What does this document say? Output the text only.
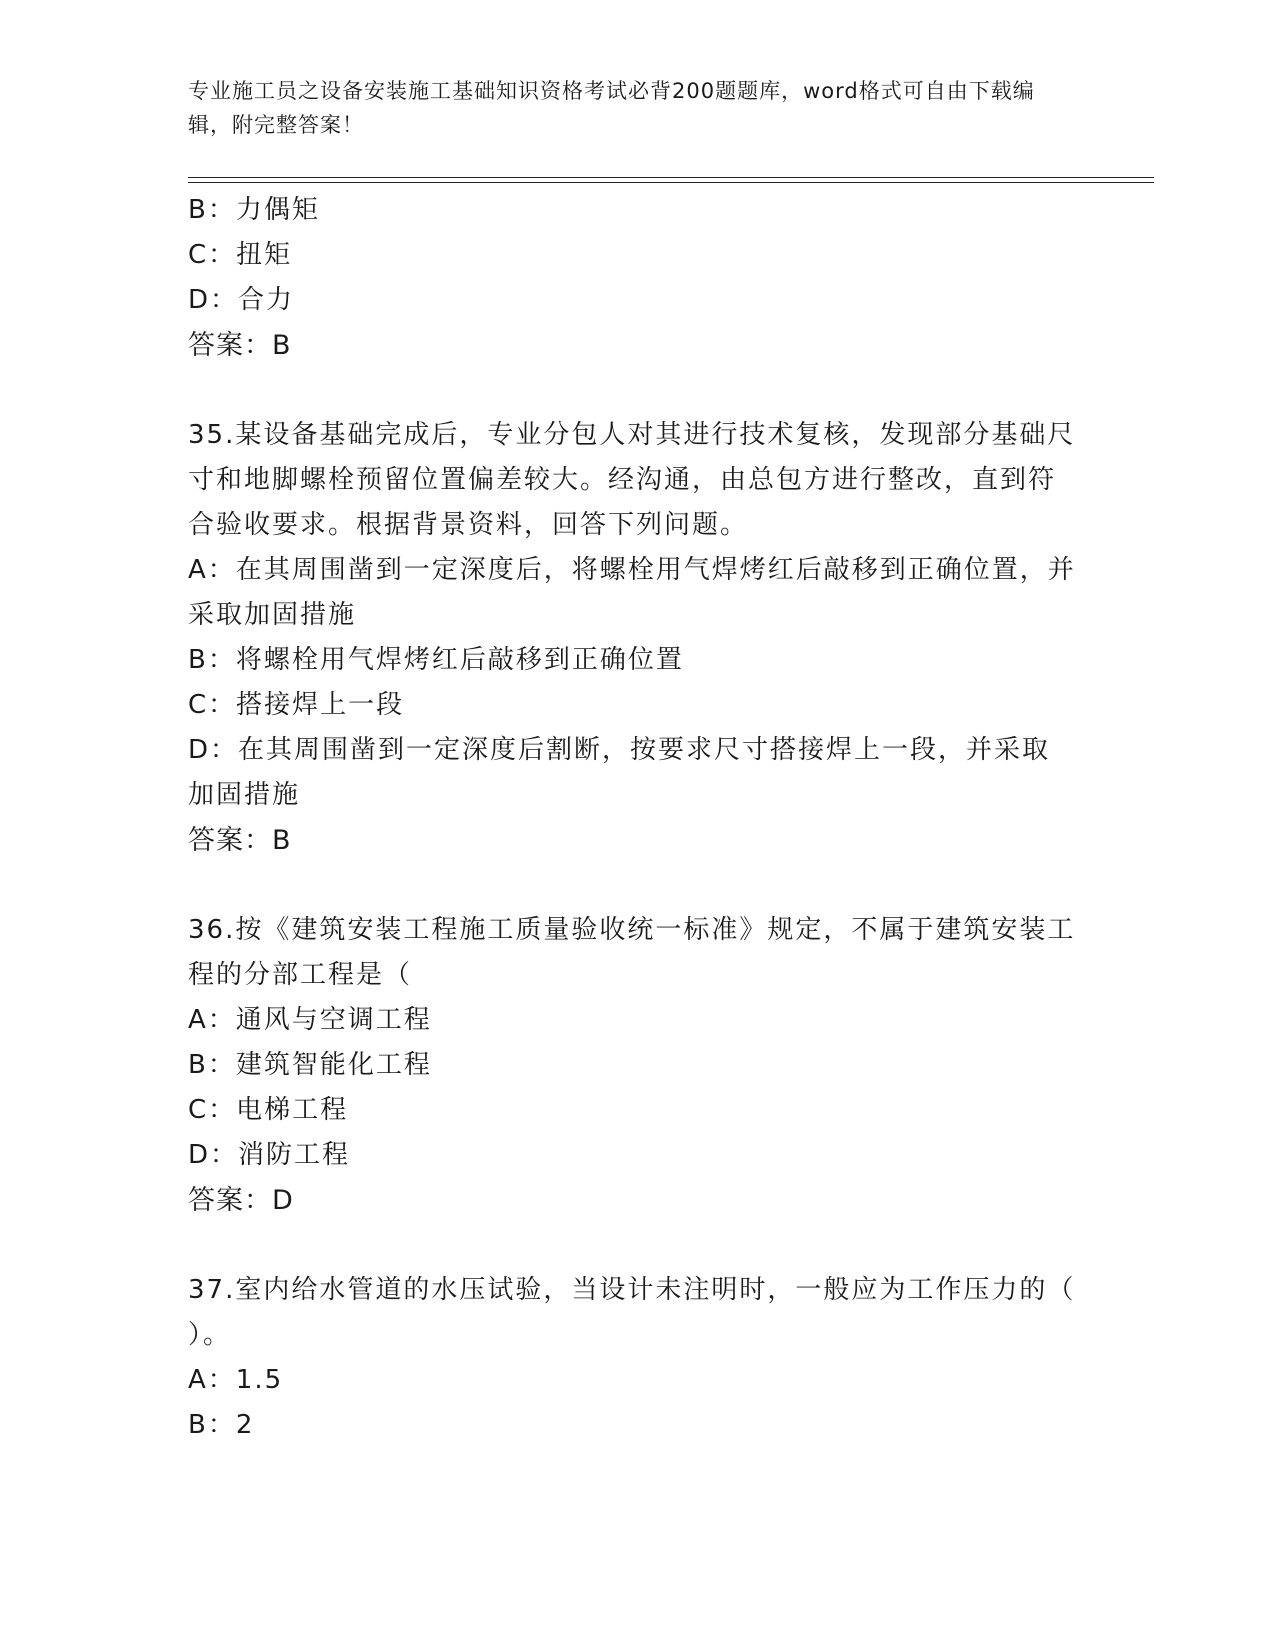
专业施工员之设备安装施工基础知识资格考试必背200题题库，word格式可自由下载编辑，附完整答案！

B：力偶矩

C：扭矩

D：合力

答案：B

35.某设备基础完成后，专业分包人对其进行技术复核，发现部分基础尺寸和地脚螺栓预留位置偏差较大。经沟通，由总包方进行整改，直到符合验收要求。根据背景资料，回答下列问题。

A：在其周围凿到一定深度后，将螺栓用气焊烤红后敲移到正确位置，并采取加固措施

B：将螺栓用气焊烤红后敲移到正确位置

C：搭接焊上一段

D：在其周围凿到一定深度后割断，按要求尺寸搭接焊上一段，并采取加固措施

答案：B

36.按《建筑安装工程施工质量验收统一标准》规定，不属于建筑安装工程的分部工程是（

A：通风与空调工程

B：建筑智能化工程

C：电梯工程

D：消防工程

答案：D

37.室内给水管道的水压试验，当设计未注明时，一般应为工作压力的（ ）。

A：1.5

B：2
